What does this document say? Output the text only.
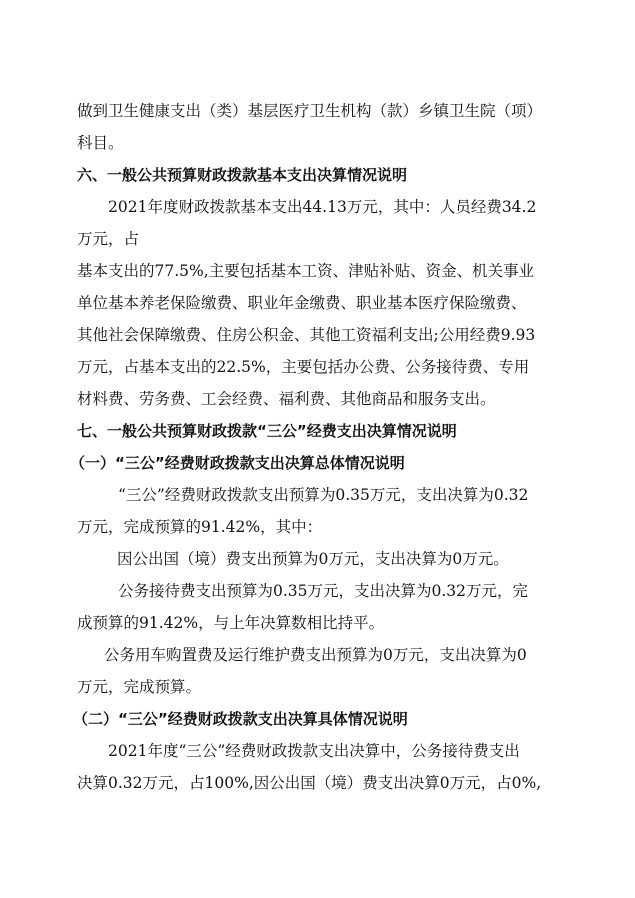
做到卫生健康支出（类）基层医疗卫生机构（款）乡镇卫生院（项）
科目。
六、一般公共预算财政拨款基本支出决算情况说明
2021年度财政拨款基本支出44.13万元，其中：人员经费34.2
万元，占
基本支出的77.5%,主要包括基本工资、津贴补贴、资金、机关事业
单位基本养老保险缴费、职业年金缴费、职业基本医疗保险缴费、
其他社会保障缴费、住房公积金、其他工资福利支出;公用经费9.93
万元，占基本支出的22.5%，主要包括办公费、公务接待费、专用
材料费、劳务费、工会经费、福利费、其他商品和服务支出。
七、一般公共预算财政拨款“三公”经费支出决算情况说明
（一）“三公”经费财政拨款支出决算总体情况说明
“三公”经费财政拨款支出预算为0.35万元，支出决算为0.32
万元，完成预算的91.42%，其中：
因公出国（境）费支出预算为0万元，支出决算为0万元。
公务接待费支出预算为0.35万元，支出决算为0.32万元，完
成预算的91.42%，与上年决算数相比持平。
公务用车购置费及运行维护费支出预算为0万元，支出决算为0
万元，完成预算。
（二）“三公”经费财政拨款支出决算具体情况说明
2021年度“三公”经费财政拨款支出决算中，公务接待费支出
决算0.32万元，占100%,因公出国（境）费支出决算0万元，占0%,
